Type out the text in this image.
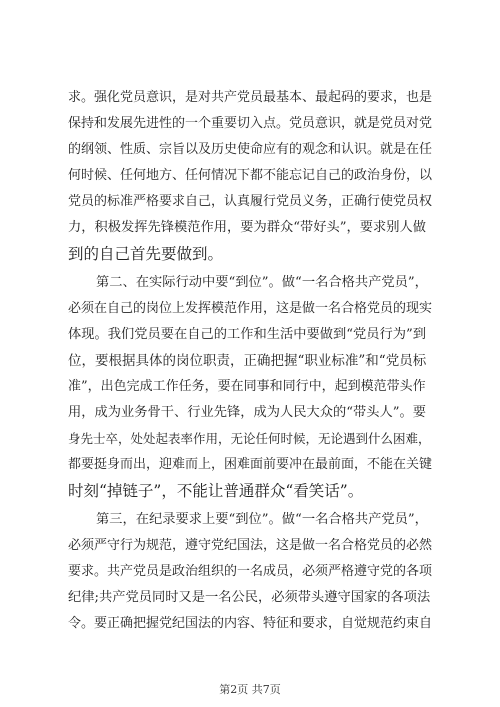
求。强化党员意识，是对共产党员最基本、最起码的要求，也是
保持和发展先进性的一个重要切入点。党员意识，就是党员对党
的纲领、性质、宗旨以及历史使命应有的观念和认识。就是在任
何时候、任何地方、任何情况下都不能忘记自己的政治身份，以
党员的标准严格要求自己，认真履行党员义务，正确行使党员权
力，积极发挥先锋模范作用，要为群众“带好头”，要求别人做
到的自己首先要做到。
第二、在实际行动中要“到位”。做“一名合格共产党员”，
必须在自己的岗位上发挥模范作用，这是做一名合格党员的现实
体现。我们党员要在自己的工作和生活中要做到“党员行为”到
位，要根据具体的岗位职责，正确把握“职业标准”和“党员标
准”，出色完成工作任务，要在同事和同行中，起到模范带头作
用，成为业务骨干、行业先锋，成为人民大众的“带头人”。要
身先士卒，处处起表率作用，无论任何时候，无论遇到什么困难，
都要挺身而出，迎难而上，困难面前要冲在最前面，不能在关键
时刻“掉链子”，不能让普通群众“看笑话”。
第三，在纪录要求上要“到位”。做“一名合格共产党员”，
必须严守行为规范，遵守党纪国法，这是做一名合格党员的必然
要求。共产党员是政治组织的一名成员，必须严格遵守党的各项
纪律;共产党员同时又是一名公民，必须带头遵守国家的各项法
令。要正确把握党纪国法的内容、特征和要求，自觉规范约束自
第2页 共7页
